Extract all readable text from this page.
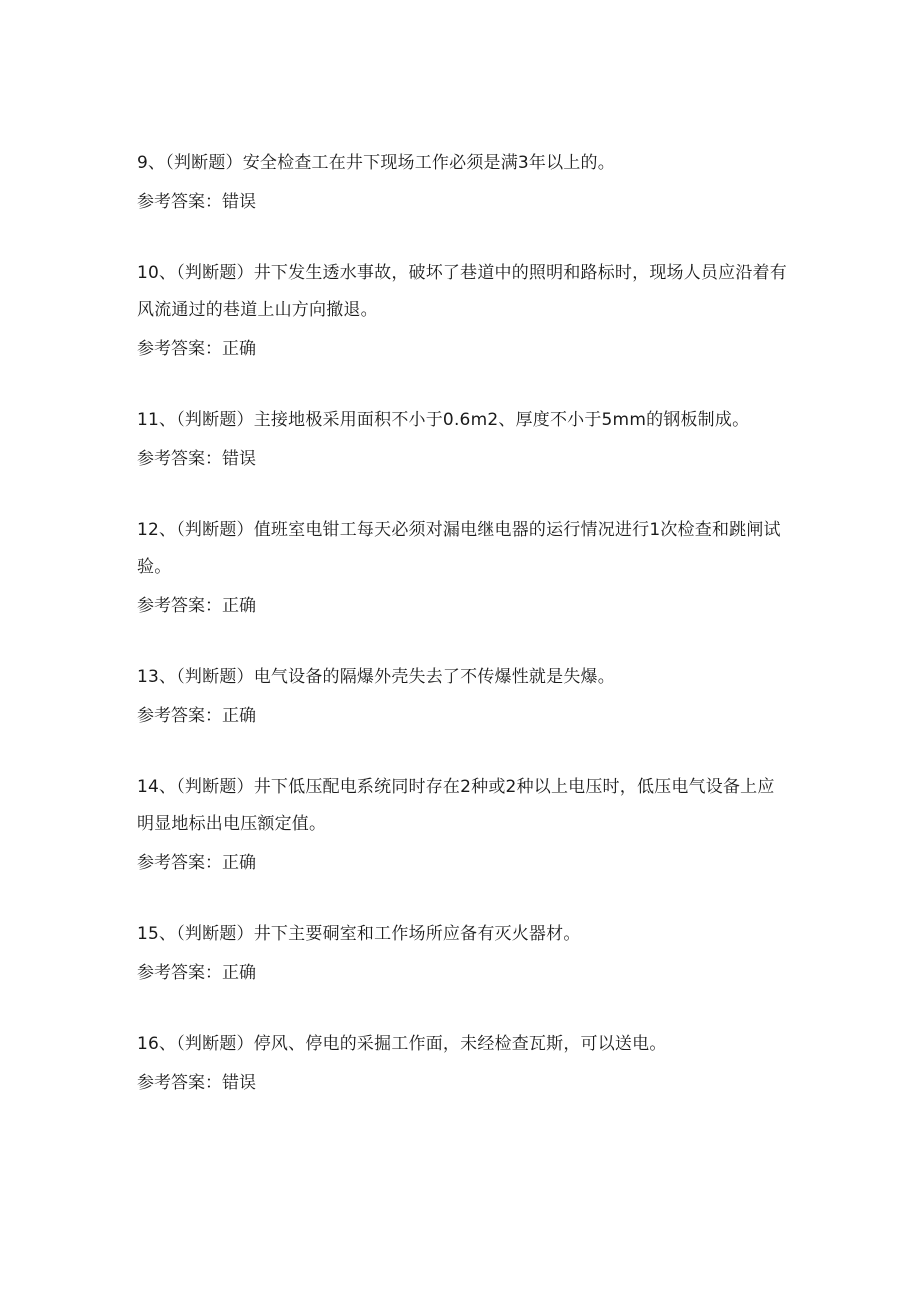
9、（判断题）安全检查工在井下现场工作必须是满3年以上的。

参考答案：错误

10、（判断题）井下发生透水事故，破坏了巷道中的照明和路标时，现场人员应沿着有风流通过的巷道上山方向撤退。

参考答案：正确

11、（判断题）主接地极采用面积不小于0.6m2、厚度不小于5mm的钢板制成。

参考答案：错误

12、（判断题）值班室电钳工每天必须对漏电继电器的运行情况进行1次检查和跳闸试验。

参考答案：正确

13、（判断题）电气设备的隔爆外壳失去了不传爆性就是失爆。

参考答案：正确

14、（判断题）井下低压配电系统同时存在2种或2种以上电压时，低压电气设备上应明显地标出电压额定值。

参考答案：正确

15、（判断题）井下主要硐室和工作场所应备有灭火器材。

参考答案：正确

16、（判断题）停风、停电的采掘工作面，未经检查瓦斯，可以送电。

参考答案：错误
